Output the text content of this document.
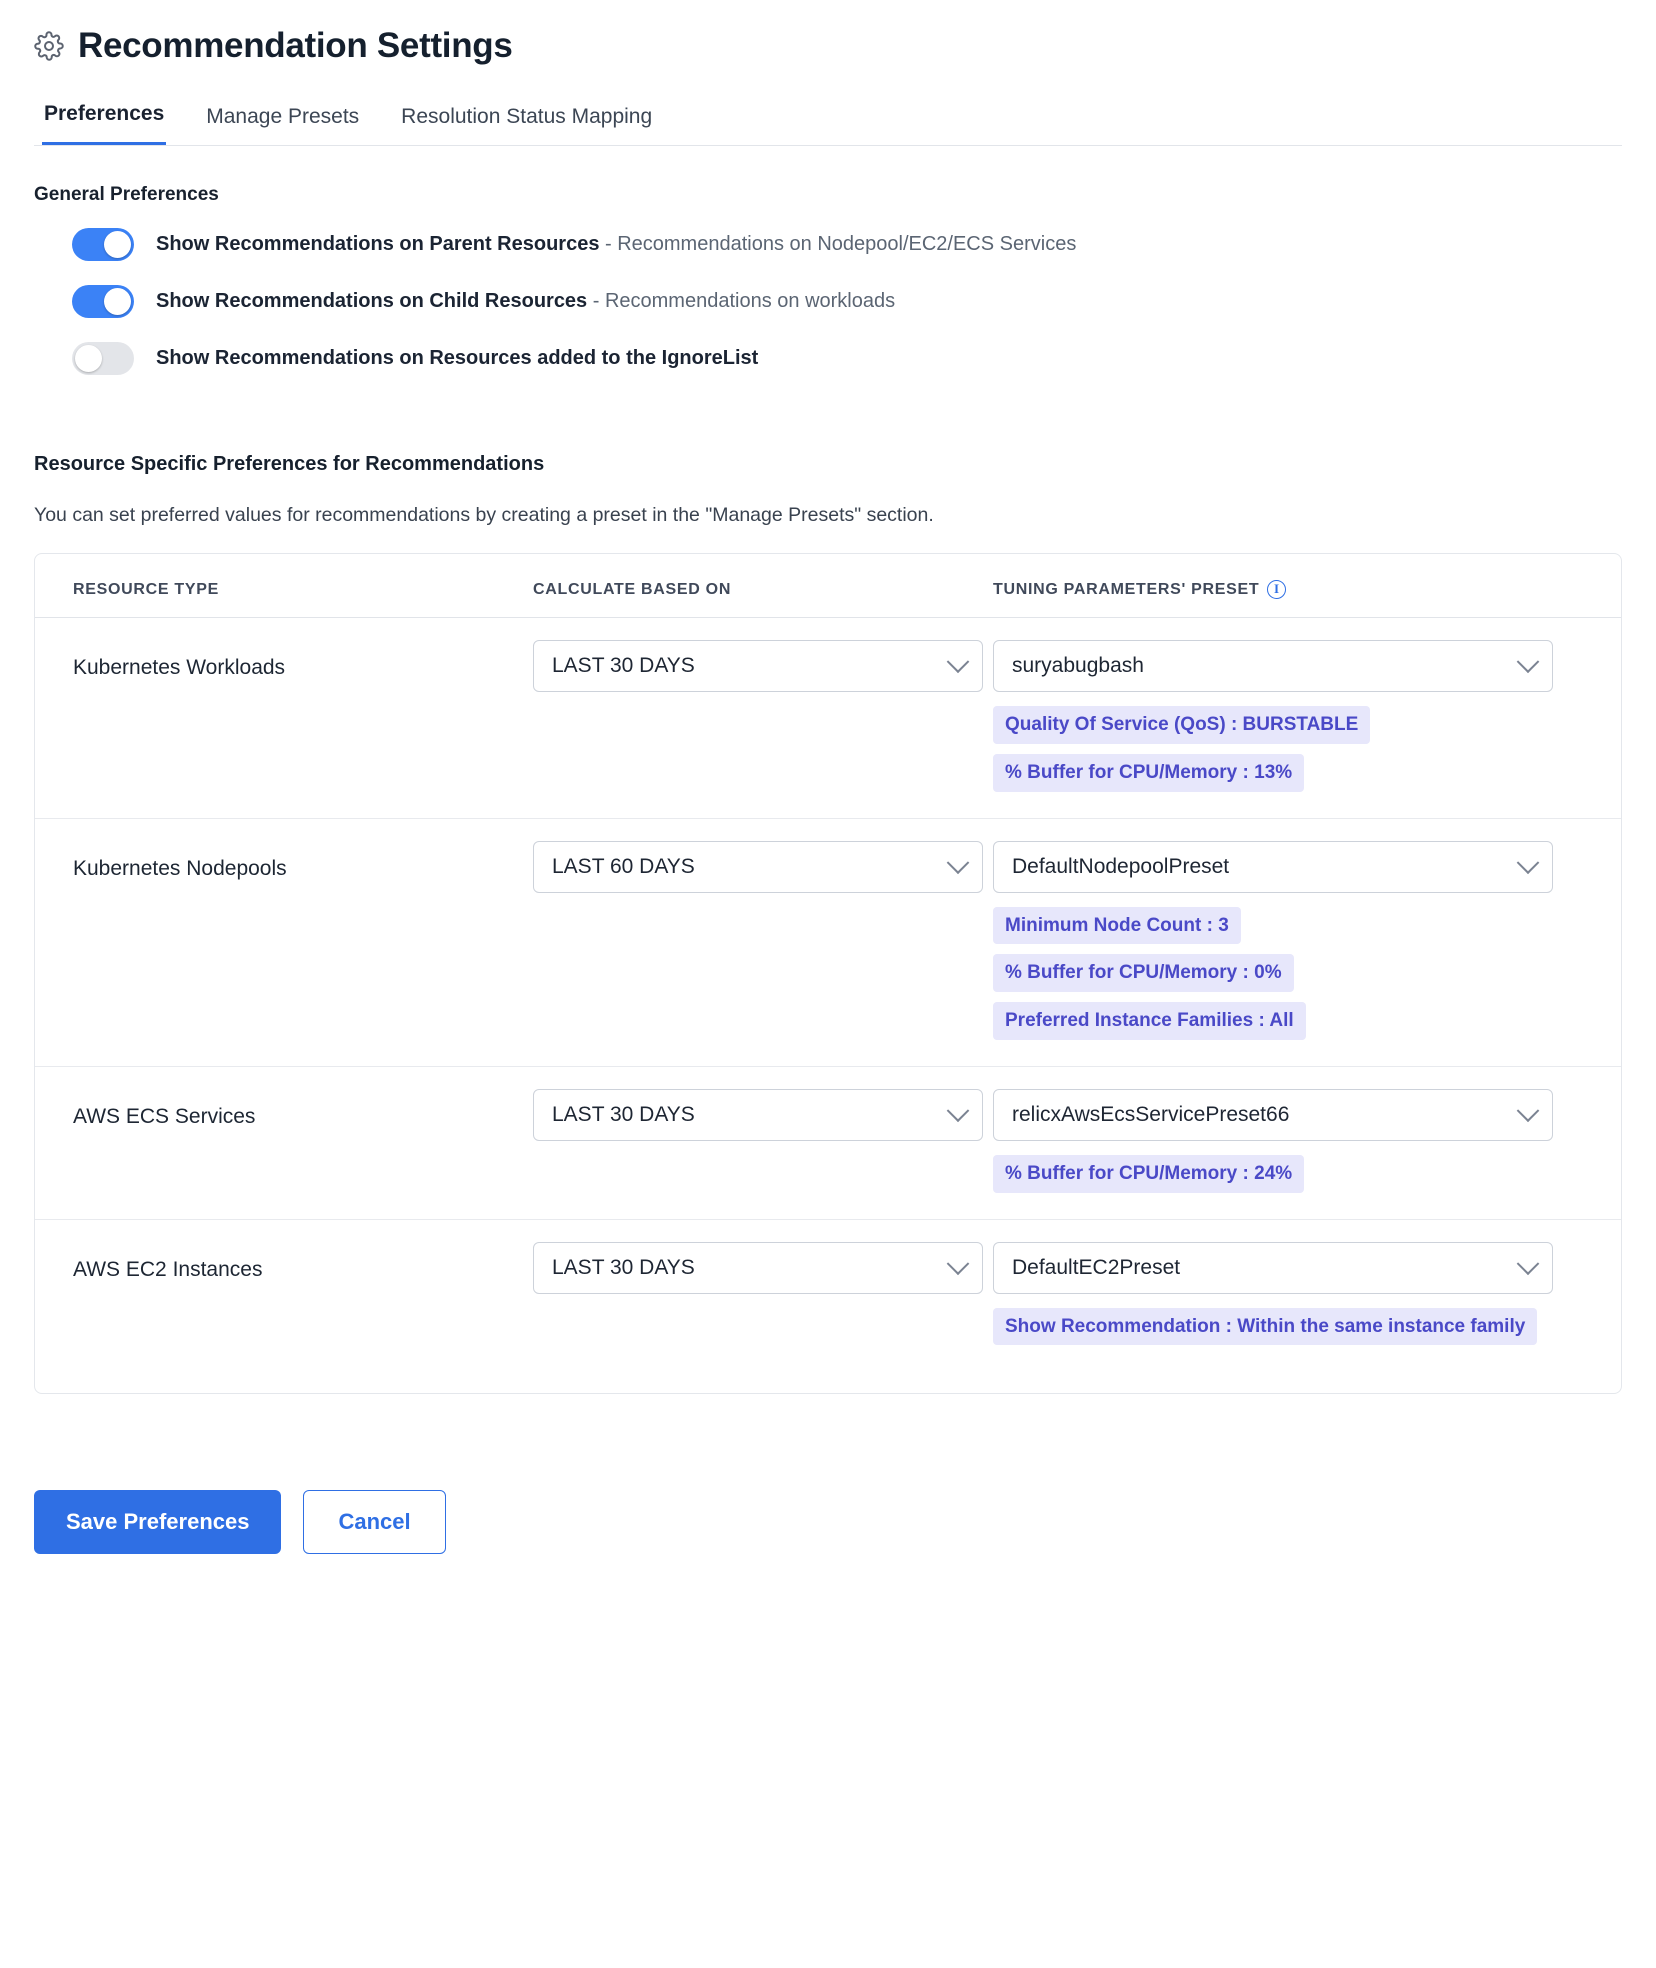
Recommendation Settings
Preferences Manage Presets Resolution Status Mapping
General Preferences
Show Recommendations on Parent Resources - Recommendations on Nodepool/EC2/ECS Services
Show Recommendations on Child Resources - Recommendations on workloads
Show Recommendations on Resources added to the IgnoreList
Resource Specific Preferences for Recommendations
You can set preferred values for recommendations by creating a preset in the "Manage Presets" section.
RESOURCE TYPE	CALCULATE BASED ON	TUNING PARAMETERS' PRESET	I
Kubernetes Workloads	LAST 30 DAYS	suryabugbash
Quality Of Service (QoS) : BURSTABLE
% Buffer for CPU/Memory : 13%
Kubernetes Nodepools	LAST 60 DAYS	DefaultNodepoolPreset
Minimum Node Count : 3
% Buffer for CPU/Memory : 0%
Preferred Instance Families : All
AWS ECS Services	LAST 30 DAYS	relicxAwsEcsServicePreset66
% Buffer for CPU/Memory : 24%
AWS EC2 Instances	LAST 30 DAYS	DefaultEC2Preset
Show Recommendation : Within the same instance family
Save Preferences	Cancel
